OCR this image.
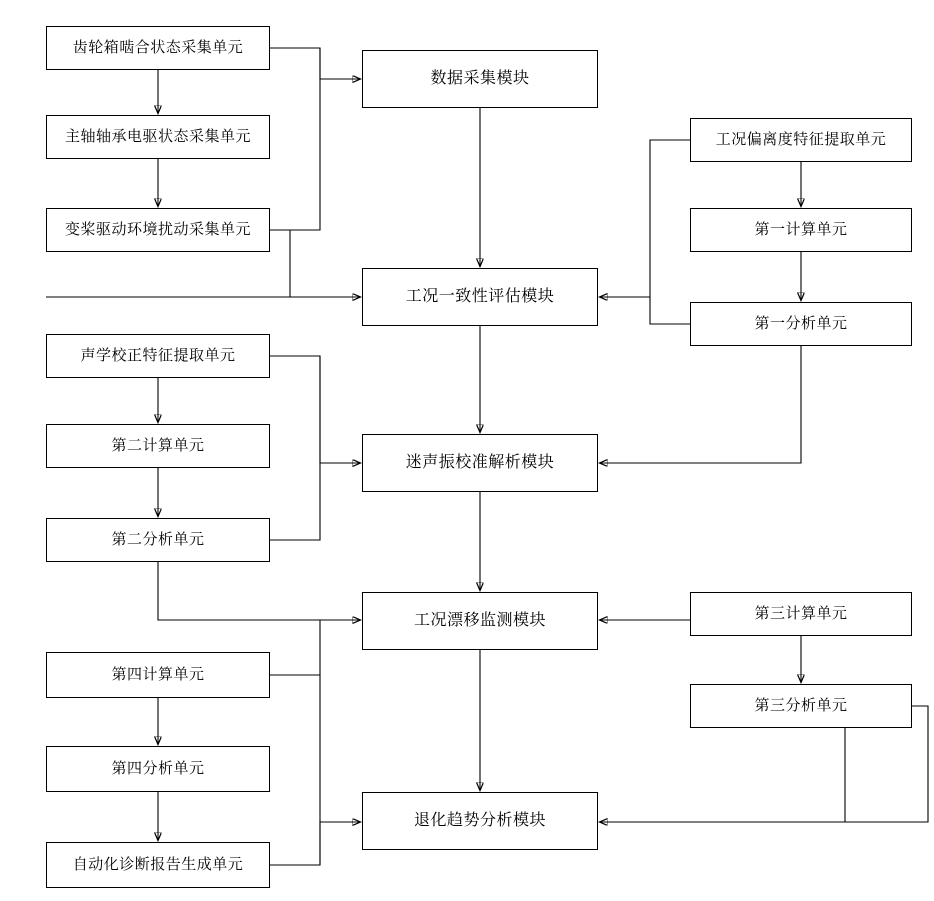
齿轮箱啮合状态采集单元
主轴轴承电驱状态采集单元
变桨驱动环境扰动采集单元
数据采集模块
工况偏离度特征提取单元
第一计算单元
第一分析单元
工况一致性评估模块
声学校正特征提取单元
第二计算单元
第二分析单元
迷声振校准解析模块
工况漂移监测模块	第三计算单元
第三分析单元
第四计算单元
第四分析单元
自动化诊断报告生成单元
退化趋势分析模块
